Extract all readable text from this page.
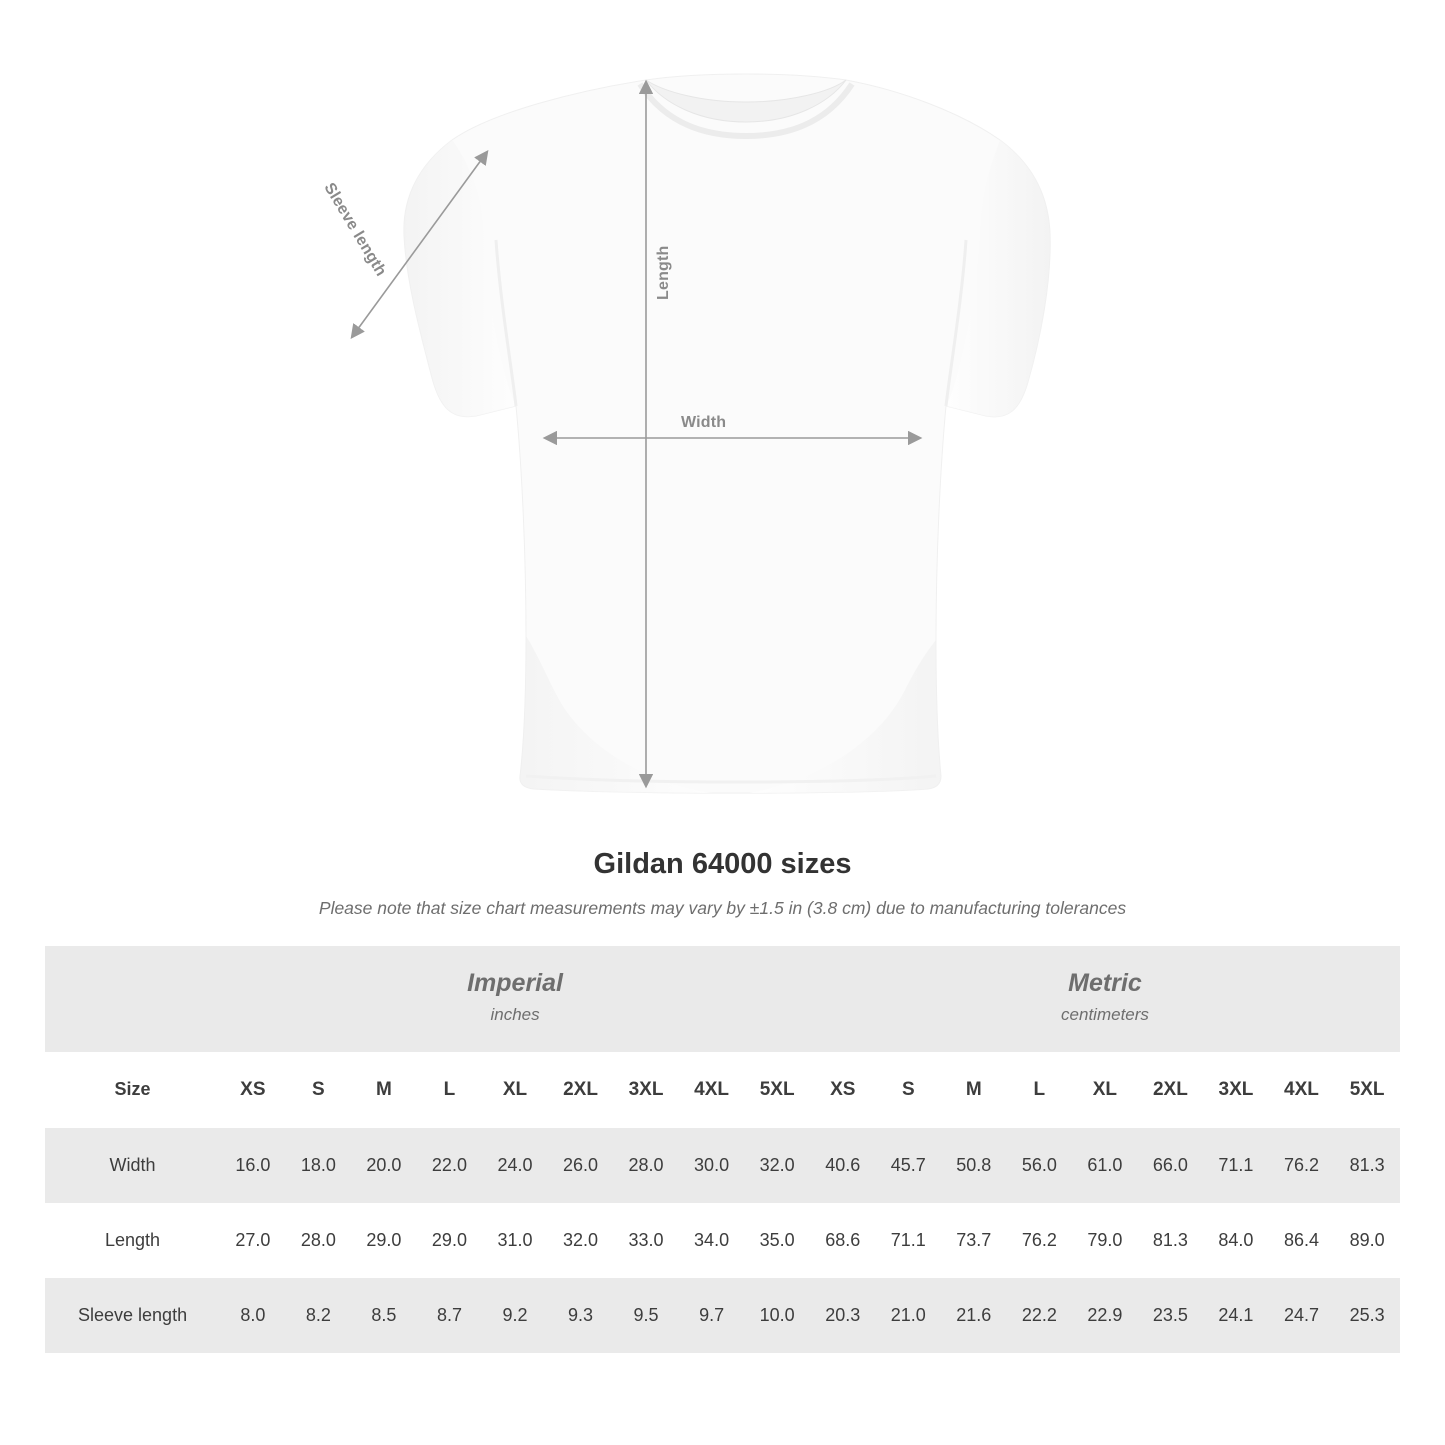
Sleeve length	Length
Width
Gildan 64000 sizes

Please note that size chart measurements may vary by ±1.5 in (3.8 cm) due to manufacturing tolerances

Imperial
inches

Metric
centimeters

Size	XS	S	M	L	XL	2XL	3XL	4XL	5XL	XS	S	M	L	XL	2XL	3XL	4XL	5XL
Width	16.0	18.0	20.0	22.0	24.0	26.0	28.0	30.0	32.0	40.6	45.7	50.8	56.0	61.0	66.0	71.1	76.2	81.3
Length	27.0	28.0	29.0	29.0	31.0	32.0	33.0	34.0	35.0	68.6	71.1	73.7	76.2	79.0	81.3	84.0	86.4	89.0
Sleeve length	8.0	8.2	8.5	8.7	9.2	9.3	9.5	9.7	10.0	20.3	21.0	21.6	22.2	22.9	23.5	24.1	24.7	25.3
